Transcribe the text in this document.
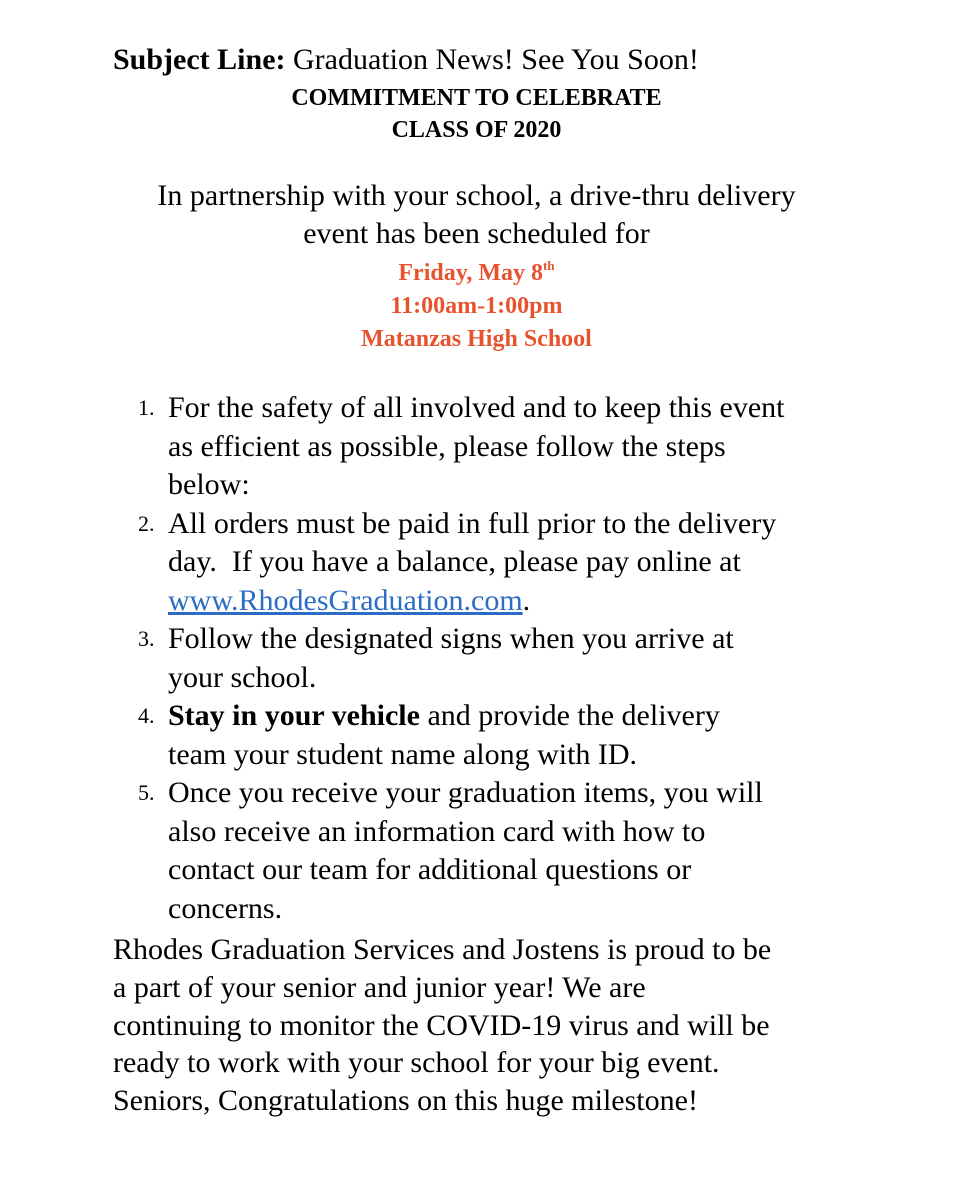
Subject Line: Graduation News! See You Soon!
COMMITMENT TO CELEBRATE
CLASS OF 2020
In partnership with your school, a drive-thru delivery
event has been scheduled for
Friday, May 8th
11:00am-1:00pm
Matanzas High School
1. For the safety of all involved and to keep this event
as efficient as possible, please follow the steps
below:
2. All orders must be paid in full prior to the delivery
day.  If you have a balance, please pay online at
www.RhodesGraduation.com.
3. Follow the designated signs when you arrive at
your school.
4. Stay in your vehicle and provide the delivery
team your student name along with ID.
5. Once you receive your graduation items, you will
also receive an information card with how to
contact our team for additional questions or
concerns.
Rhodes Graduation Services and Jostens is proud to be
a part of your senior and junior year! We are
continuing to monitor the COVID-19 virus and will be
ready to work with your school for your big event.
Seniors, Congratulations on this huge milestone!
